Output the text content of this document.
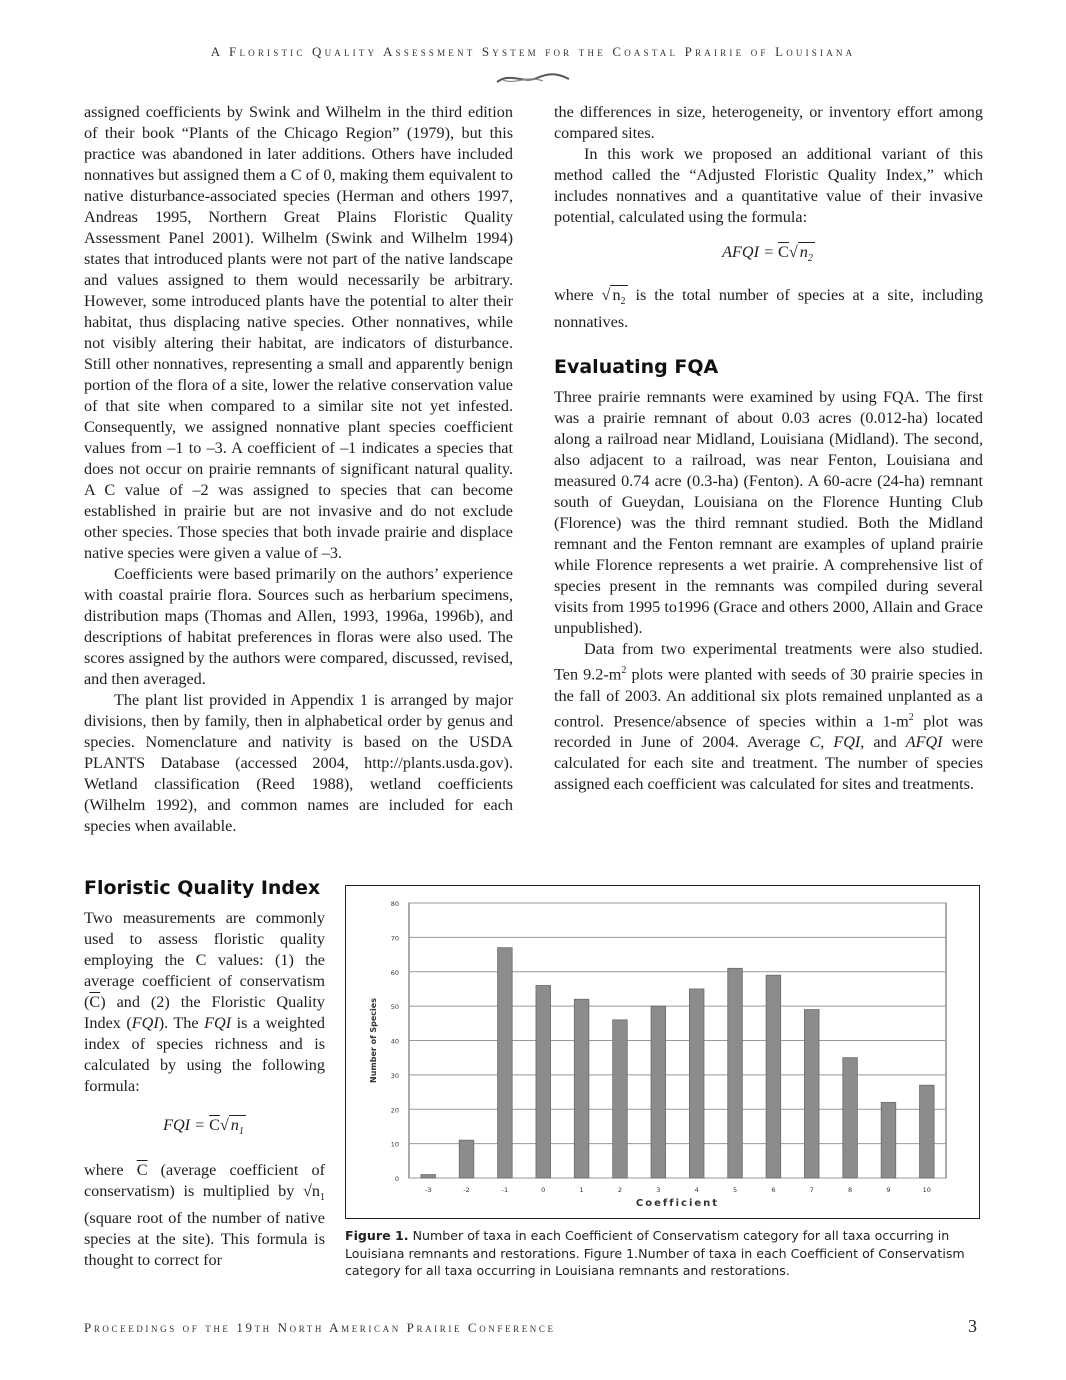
A Floristic Quality Assessment System for the Coastal Prairie of Louisiana

assigned coefficients by Swink and Wilhelm in the third edition of their book “Plants of the Chicago Region” (1979), but this practice was abandoned in later additions. Others have included nonnatives but assigned them a C of 0, making them equivalent to native disturbance-associated species (Herman and others 1997, Andreas 1995, Northern Great Plains Floristic Quality Assessment Panel 2001). Wilhelm (Swink and Wilhelm 1994) states that introduced plants were not part of the native landscape and values assigned to them would necessarily be arbitrary. However, some introduced plants have the potential to alter their habitat, thus displacing native species. Other nonnatives, while not visibly altering their habitat, are indicators of disturbance. Still other nonnatives, representing a small and apparently benign portion of the flora of a site, lower the relative conservation value of that site when compared to a similar site not yet infested. Consequently, we assigned nonnative plant species coefficient values from –1 to –3. A coefficient of –1 indicates a species that does not occur on prairie remnants of significant natural quality. A C value of –2 was assigned to species that can become established in prairie but are not invasive and do not exclude other species. Those species that both invade prairie and displace native species were given a value of –3.

Coefficients were based primarily on the authors’ experience with coastal prairie flora. Sources such as herbarium specimens, distribution maps (Thomas and Allen, 1993, 1996a, 1996b), and descriptions of habitat preferences in floras were also used. The scores assigned by the authors were compared, discussed, revised, and then averaged.

The plant list provided in Appendix 1 is arranged by major divisions, then by family, then in alphabetical order by genus and species. Nomenclature and nativity is based on the USDA PLANTS Database (accessed 2004, http://plants.usda.gov). Wetland classification (Reed 1988), wetland coefficients (Wilhelm 1992), and common names are included for each species when available.

the differences in size, heterogeneity, or inventory effort among compared sites.

In this work we proposed an additional variant of this method called the “Adjusted Floristic Quality Index,” which includes nonnatives and a quantitative value of their invasive potential, calculated using the formula:

AFQI = $\overline{C}√$ $n_2$

where √ $n_2$ is the total number of species at a site, including nonnatives.

Evaluating FQA

Three prairie remnants were examined by using FQA. The first was a prairie remnant of about 0.03 acres (0.012-ha) located along a railroad near Midland, Louisiana (Midland). The second, also adjacent to a railroad, was near Fenton, Louisiana and measured 0.74 acre (0.3-ha) (Fenton). A 60-acre (24-ha) remnant south of Gueydan, Louisiana on the Florence Hunting Club (Florence) was the third remnant studied. Both the Midland remnant and the Fenton remnant are examples of upland prairie while Florence represents a wet prairie. A comprehensive list of species present in the remnants was compiled during several visits from 1995 to1996 (Grace and others 2000, Allain and Grace unpublished).

Data from two experimental treatments were also studied. Ten $9.2-m^2$ plots were planted with seeds of 30 prairie species in the fall of 2003. An additional six plots remained unplanted as a control. Presence/absence of species within a $1-m^2$ plot was recorded in June of 2004. Average C, FQI, and AFQI were calculated for each site and treatment. The number of species assigned each coefficient was calculated for sites and treatments.

Floristic Quality Index

Two measurements are commonly used to assess floristic quality employing the C values: (1) the average coefficient of conservatism $(\overline{C})$ and (2) the Floristic Quality Index (FQI). The FQI is a weighted index of species richness and is calculated by using the following formula:

FQI = $\overline{C}√$ $n_1$

where $\overline{C}$ (average coefficient of conservatism) is multiplied by $√n_1$ (square root of the number of native species at the site). This formula is thought to correct for

0
10
20
30
40
50
60
70
80
-3	-2	-1	0	1	2	3	4	5	6	7	8	9	10
Coefficient
Number of Species
Figure 1. Number of taxa in each Coefficient of Conservatism category for all taxa occurring in Louisiana remnants and restorations. Figure 1.Number of taxa in each Coefficient of Conservatism category for all taxa occurring in Louisiana remnants and restorations.
Proceedings of the 19th North American Prairie Conference	3
